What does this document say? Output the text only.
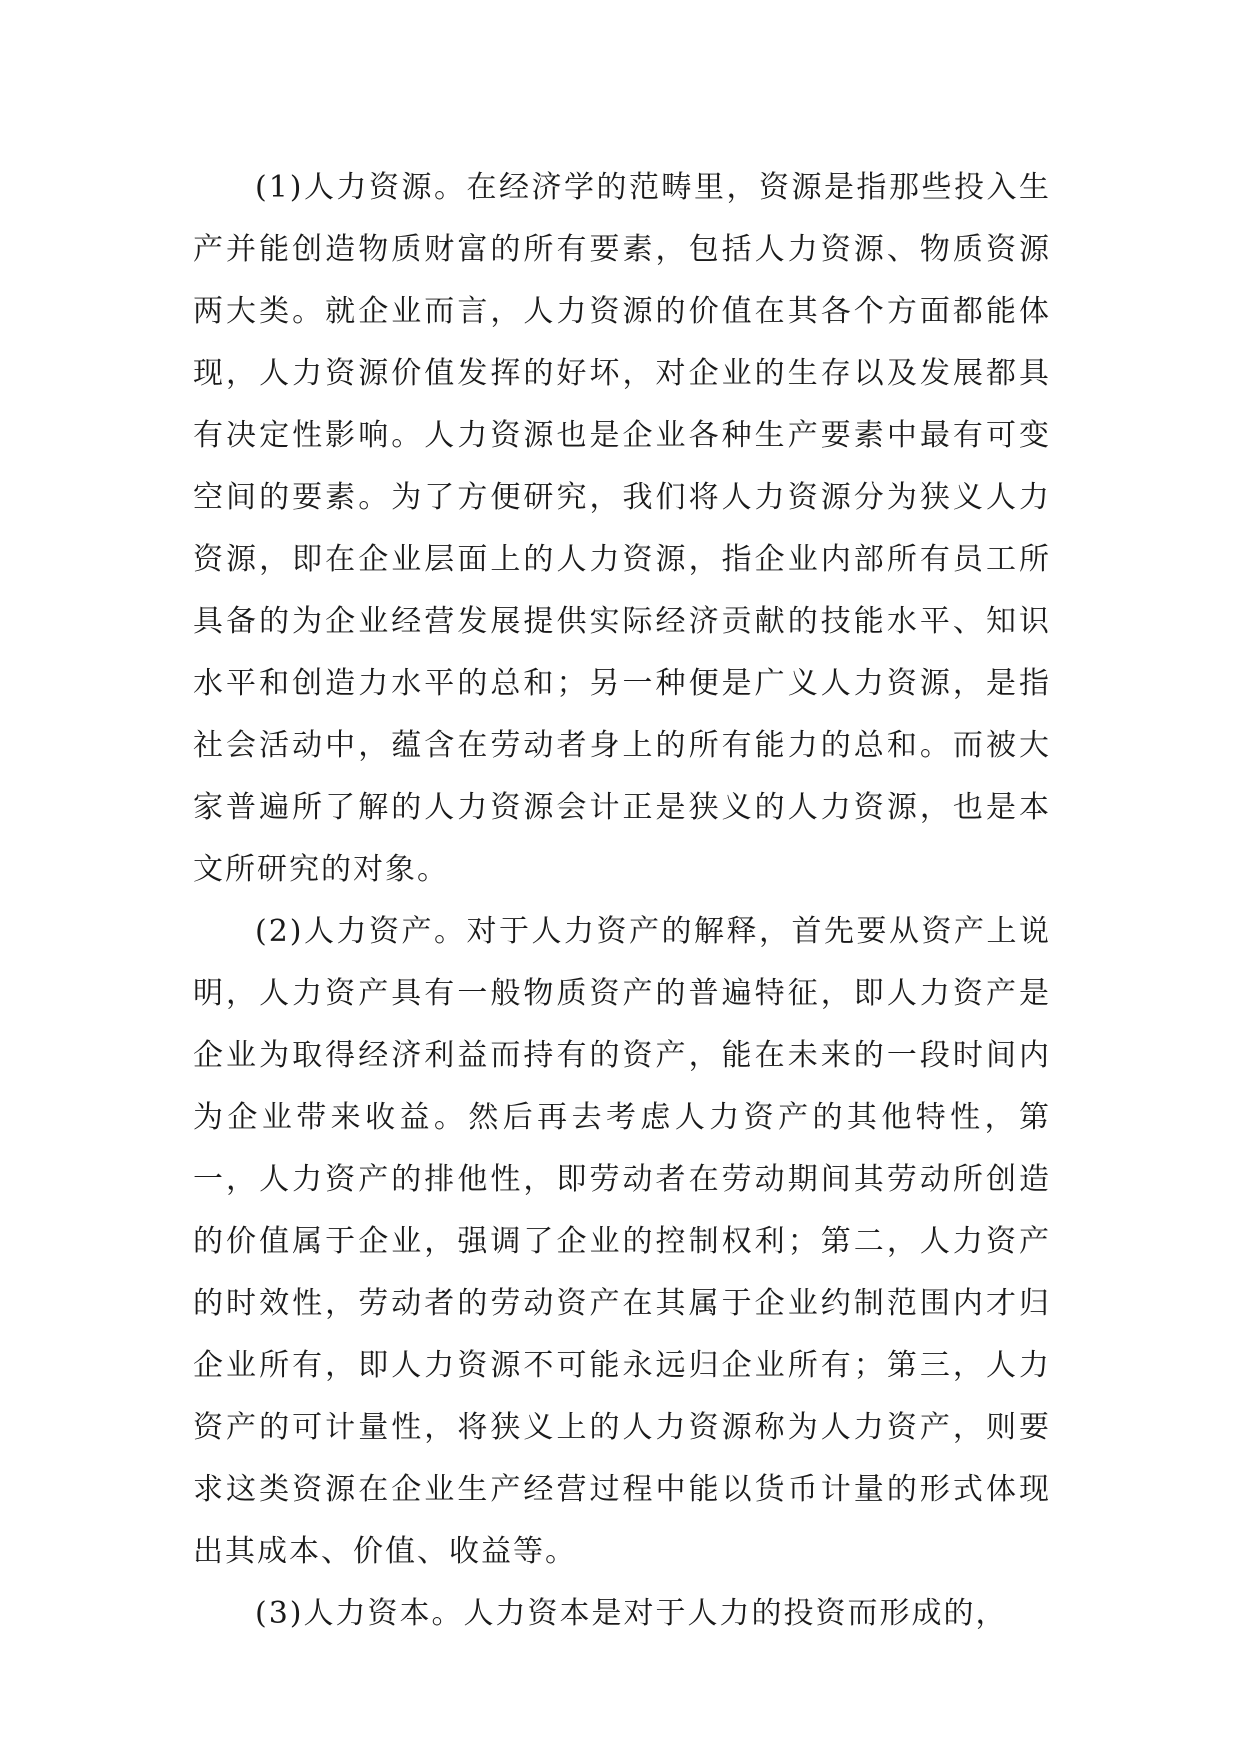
(1)人力资源。在经济学的范畴里，资源是指那些投入生产并能创造物质财富的所有要素，包括人力资源、物质资源两大类。就企业而言，人力资源的价值在其各个方面都能体现，人力资源价值发挥的好坏，对企业的生存以及发展都具有决定性影响。人力资源也是企业各种生产要素中最有可变空间的要素。为了方便研究，我们将人力资源分为狭义人力资源，即在企业层面上的人力资源，指企业内部所有员工所具备的为企业经营发展提供实际经济贡献的技能水平、知识水平和创造力水平的总和；另一种便是广义人力资源，是指社会活动中，蕴含在劳动者身上的所有能力的总和。而被大家普遍所了解的人力资源会计正是狭义的人力资源，也是本文所研究的对象。

(2)人力资产。对于人力资产的解释，首先要从资产上说明，人力资产具有一般物质资产的普遍特征，即人力资产是企业为取得经济利益而持有的资产，能在未来的一段时间内为企业带来收益。然后再去考虑人力资产的其他特性，第一，人力资产的排他性，即劳动者在劳动期间其劳动所创造的价值属于企业，强调了企业的控制权利；第二，人力资产的时效性，劳动者的劳动资产在其属于企业约制范围内才归企业所有，即人力资源不可能永远归企业所有；第三，人力资产的可计量性，将狭义上的人力资源称为人力资产，则要求这类资源在企业生产经营过程中能以货币计量的形式体现出其成本、价值、收益等。

(3)人力资本。人力资本是对于人力的投资而形成的，
